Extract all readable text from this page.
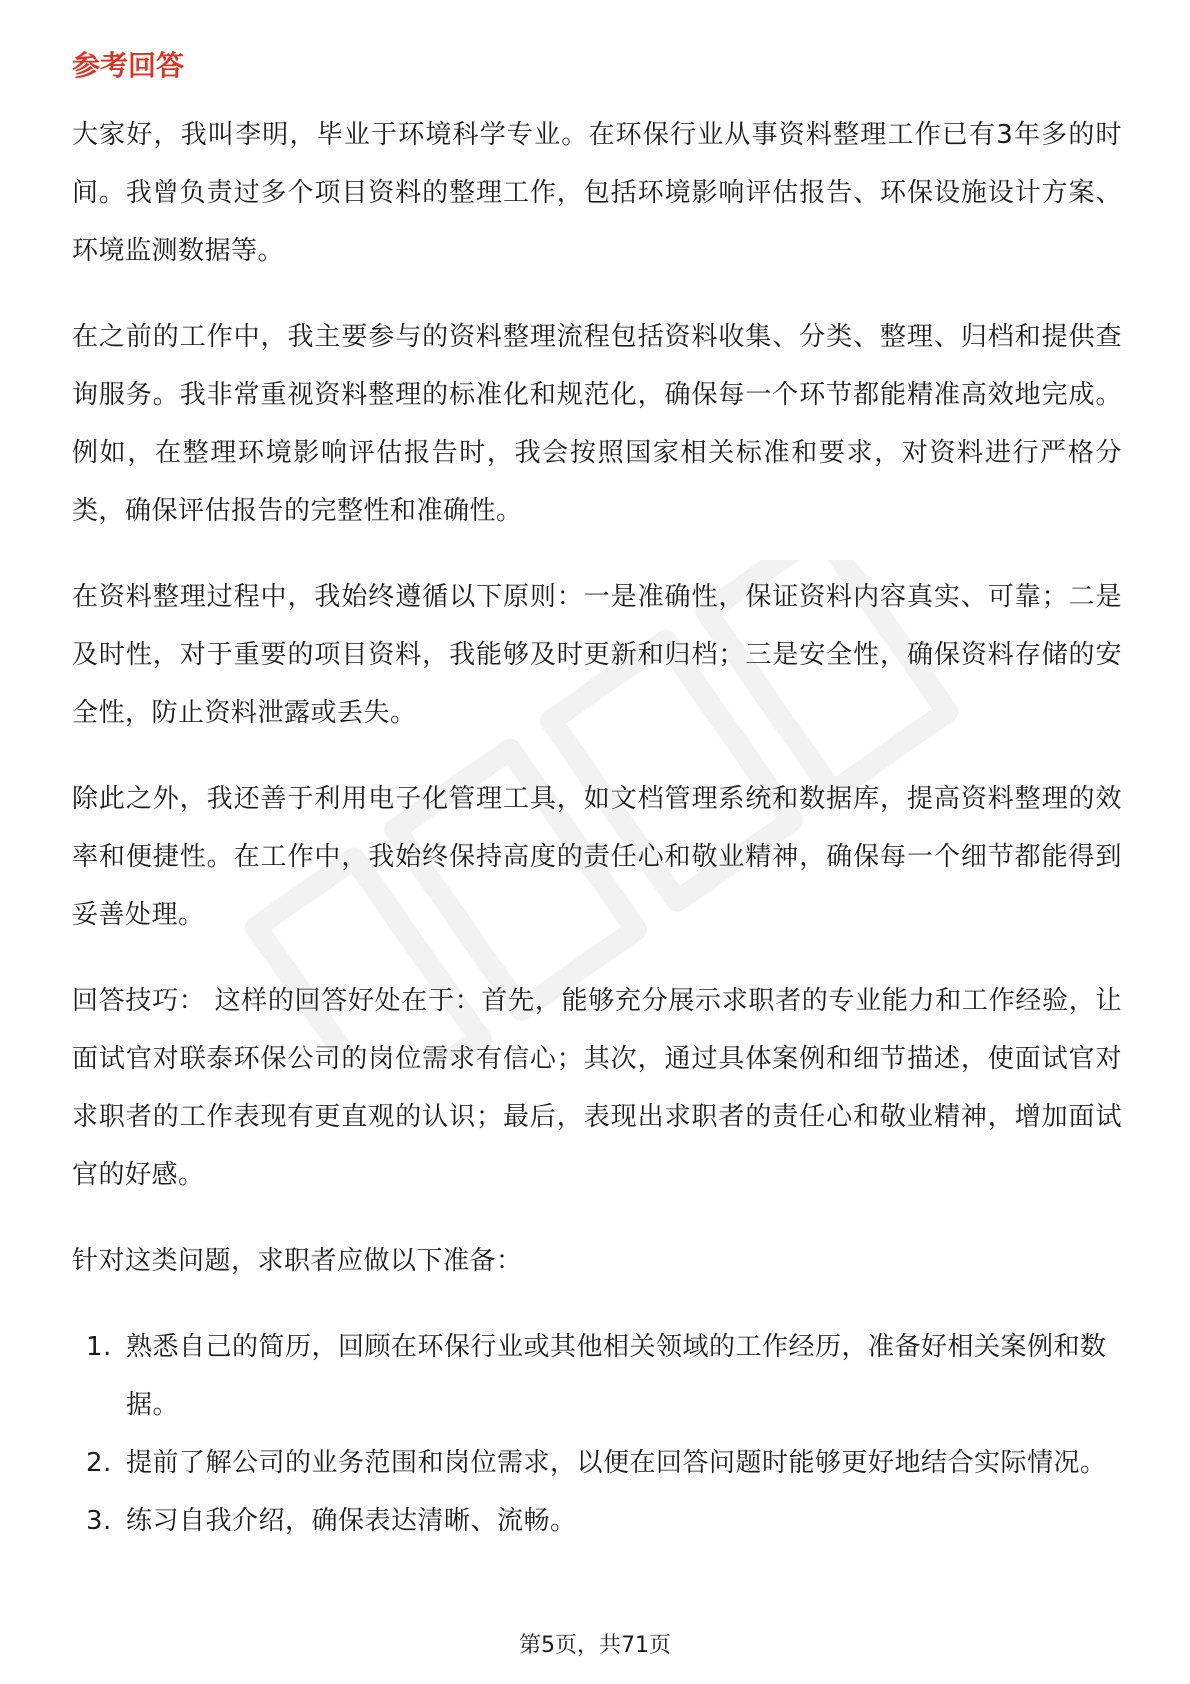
参考回答

大家好，我叫李明，毕业于环境科学专业。在环保行业从事资料整理工作已有3年多的时间。我曾负责过多个项目资料的整理工作，包括环境影响评估报告、环保设施设计方案、环境监测数据等。

在之前的工作中，我主要参与的资料整理流程包括资料收集、分类、整理、归档和提供查询服务。我非常重视资料整理的标准化和规范化，确保每一个环节都能精准高效地完成。例如，在整理环境影响评估报告时，我会按照国家相关标准和要求，对资料进行严格分类，确保评估报告的完整性和准确性。

在资料整理过程中，我始终遵循以下原则：一是准确性，保证资料内容真实、可靠；二是及时性，对于重要的项目资料，我能够及时更新和归档；三是安全性，确保资料存储的安全性，防止资料泄露或丢失。

除此之外，我还善于利用电子化管理工具，如文档管理系统和数据库，提高资料整理的效率和便捷性。在工作中，我始终保持高度的责任心和敬业精神，确保每一个细节都能得到妥善处理。

回答技巧： 这样的回答好处在于：首先，能够充分展示求职者的专业能力和工作经验，让面试官对联泰环保公司的岗位需求有信心；其次，通过具体案例和细节描述，使面试官对求职者的工作表现有更直观的认识；最后，表现出求职者的责任心和敬业精神，增加面试官的好感。

针对这类问题，求职者应做以下准备：

1. 熟悉自己的简历，回顾在环保行业或其他相关领域的工作经历，准备好相关案例和数据。
2. 提前了解公司的业务范围和岗位需求，以便在回答问题时能够更好地结合实际情况。
3. 练习自我介绍，确保表达清晰、流畅。
第5页，共71页
